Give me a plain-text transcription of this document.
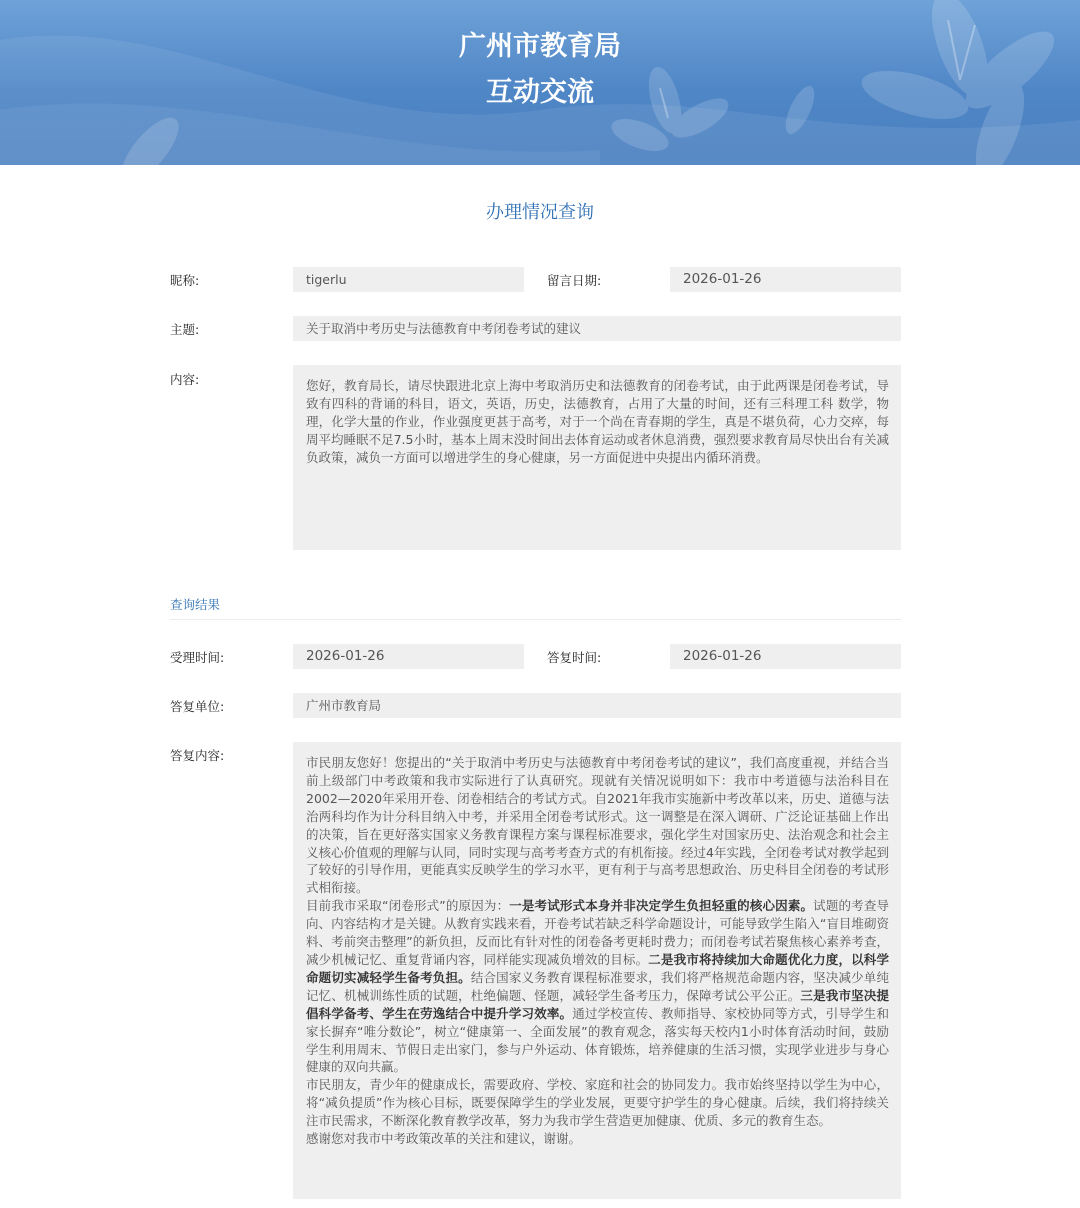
广州市教育局
互动交流
办理情况查询
昵称:	tigerlu	留言日期:	2026-01-26
主题:	关于取消中考历史与法德教育中考闭卷考试的建议
内容:	您好，教育局长，请尽快跟进北京上海中考取消历史和法德教育的闭卷考试，由于此两课是闭卷考试，导致有四科的背诵的科目，语文，英语，历史，法德教育，占用了大量的时间，还有三科理工科 数学，物理，化学大量的作业，作业强度更甚于高考，对于一个尚在青春期的学生，真是不堪负荷，心力交瘁，每周平均睡眠不足7.5小时，基本上周末没时间出去体育运动或者休息消费，强烈要求教育局尽快出台有关减负政策，减负一方面可以增进学生的身心健康，另一方面促进中央提出内循环消费。

查询结果
受理时间:	2026-01-26	答复时间:	2026-01-26
答复单位:	广州市教育局
答复内容:	市民朋友您好！您提出的“关于取消中考历史与法德教育中考闭卷考试的建议”，我们高度重视，并结合当前上级部门中考政策和我市实际进行了认真研究。现就有关情况说明如下：我市中考道德与法治科目在2002—2020年采用开卷、闭卷相结合的考试方式。自2021年我市实施新中考改革以来，历史、道德与法治两科均作为计分科目纳入中考，并采用全闭卷考试形式。这一调整是在深入调研、广泛论证基础上作出的决策，旨在更好落实国家义务教育课程方案与课程标准要求，强化学生对国家历史、法治观念和社会主义核心价值观的理解与认同，同时实现与高考考查方式的有机衔接。经过4年实践，全闭卷考试对教学起到了较好的引导作用，更能真实反映学生的学习水平，更有利于与高考思想政治、历史科目全闭卷的考试形式相衔接。

目前我市采取“闭卷形式”的原因为：一是考试形式本身并非决定学生负担轻重的核心因素。试题的考查导向、内容结构才是关键。从教育实践来看，开卷考试若缺乏科学命题设计，可能导致学生陷入“盲目堆砌资料、考前突击整理”的新负担，反而比有针对性的闭卷备考更耗时费力；而闭卷考试若聚焦核心素养考查，减少机械记忆、重复背诵内容，同样能实现减负增效的目标。二是我市将持续加大命题优化力度，以科学命题切实减轻学生备考负担。结合国家义务教育课程标准要求，我们将严格规范命题内容，坚决减少单纯记忆、机械训练性质的试题，杜绝偏题、怪题，减轻学生备考压力，保障考试公平公正。三是我市坚决提倡科学备考、学生在劳逸结合中提升学习效率。通过学校宣传、教师指导、家校协同等方式，引导学生和家长摒弃“唯分数论”，树立“健康第一、全面发展”的教育观念，落实每天校内1小时体育活动时间，鼓励学生利用周末、节假日走出家门，参与户外运动、体育锻炼，培养健康的生活习惯，实现学业进步与身心健康的双向共赢。

市民朋友，青少年的健康成长，需要政府、学校、家庭和社会的协同发力。我市始终坚持以学生为中心，将“减负提质”作为核心目标，既要保障学生的学业发展，更要守护学生的身心健康。后续，我们将持续关注市民需求，不断深化教育教学改革，努力为我市学生营造更加健康、优质、多元的教育生态。

感谢您对我市中考政策改革的关注和建议，谢谢。
